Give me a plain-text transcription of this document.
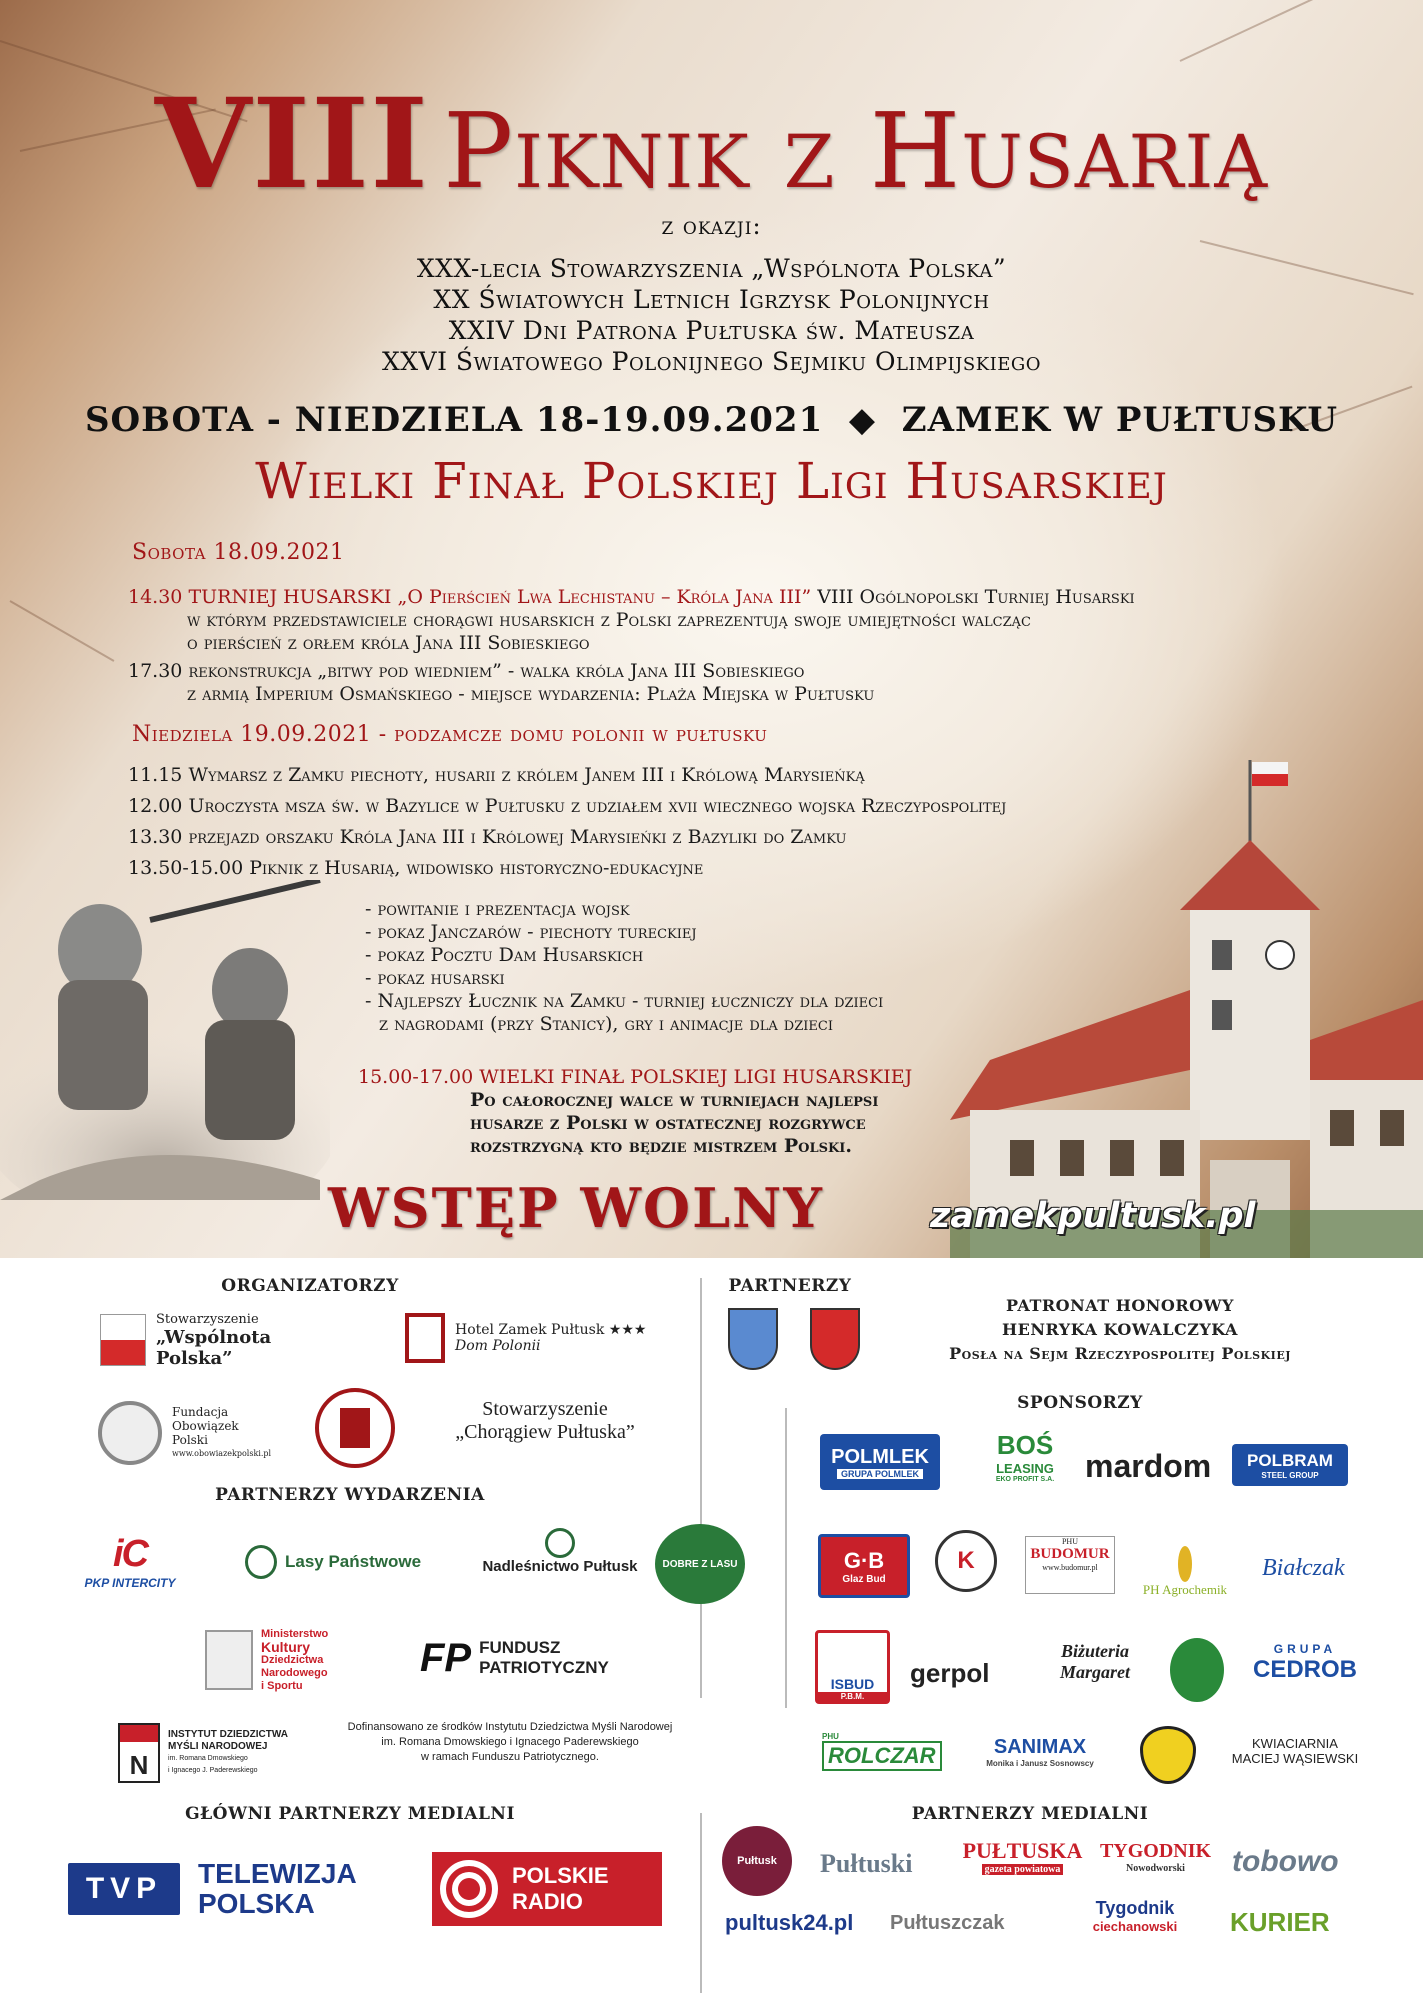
VIII Piknik z Husarią
z okazji:
XXX-lecia Stowarzyszenia „Wspólnota Polska”
XX Światowych Letnich Igrzysk Polonijnych
XXIV Dni Patrona Pułtuska św. Mateusza
XXVI Światowego Polonijnego Sejmiku Olimpijskiego
SOBOTA - NIEDZIELA 18-19.09.2021 ◆ ZAMEK W PUŁTUSKU
Wielki Finał Polskiej Ligi Husarskiej
Sobota 18.09.2021
14.30 TURNIEJ HUSARSKI „O Pierścień Lwa Lechistanu – Króla Jana III” VIII Ogólnopolski Turniej Husarski
w którym przedstawiciele chorągwi husarskich z Polski zaprezentują swoje umiejętności walcząc
o pierścień z orłem króla Jana III Sobieskiego
17.30 rekonstrukcja „bitwy pod wiedniem” - walka króla Jana III Sobieskiego
z armią Imperium Osmańskiego - miejsce wydarzenia: Plaża Miejska w Pułtusku
Niedziela 19.09.2021 - podzamcze domu polonii w pułtusku
11.15 Wymarsz z Zamku piechoty, husarii z królem Janem III i Królową Marysieńką
12.00 Uroczysta msza św. w Bazylice w Pułtusku z udziałem xvii wiecznego wojska Rzeczypospolitej
13.30 przejazd orszaku Króla Jana III i Królowej Marysieńki z Bazyliki do Zamku
13.50-15.00 Piknik z Husarią, widowisko historyczno-edukacyjne
- powitanie i prezentacja wojsk
- pokaz Janczarów - piechoty tureckiej
- pokaz Pocztu Dam Husarskich
- pokaz husarski
- Najlepszy Łucznik na Zamku - turniej łuczniczy dla dzieci
z nagrodami (przy Stanicy), gry i animacje dla dzieci
15.00-17.00 WIELKI FINAŁ POLSKIEJ LIGI HUSARSKIEJ
Po całorocznej walce w turniejach najlepsi
husarze z Polski w ostatecznej rozgrywce
rozstrzygną kto będzie mistrzem Polski.
WSTĘP WOLNY	zamekpultusk.pl
ORGANIZATORZY
Stowarzyszenie
„Wspólnota Polska”
Hotel Zamek Pułtusk ★★★
Dom Polonii
Fundacja
Obowiązek
Polski
www.obowiazekpolski.pl
Stowarzyszenie
„Chorągiew Pułtuska”
PARTNERZY
PATRONAT HONOROWY
HENRYKA KOWALCZYKA
Posła na Sejm Rzeczypospolitej Polskiej
SPONSORZY
POLMLEK
GRUPA POLMLEK
BOŚ
LEASING
EKO PROFIT S.A. mardom POLBRAM
STEEL GROUP
G·B
Glaz Bud
K
PHU
BUDOMUR
www.budomur.pl
PH Agrochemik
Białczak
ISBUD
P.B.M.
gerpol
Biżuteria
Margaret
GRUPA
CEDROB
PHU
ROLCZAR	SANIMAX
Monika i Janusz Sosnowscy
KWIACIARNIA
MACIEJ WĄSIEWSKI
PARTNERZY WYDARZENIA
iC
PKP INTERCITY
Lasy Państwowe	Nadleśnictwo Pułtusk	DOBRE Z LASU
Ministerstwo
Kultury
Dziedzictwa
Narodowego
i Sportu
FP FUNDUSZ
PATRIOTYCZNY
N
INSTYTUT DZIEDZICTWA
MYŚLI NARODOWEJ
im. Romana Dmowskiego
i Ignacego J. Paderewskiego
Dofinansowano ze środków Instytutu Dziedzictwa Myśli Narodowej
im. Romana Dmowskiego i Ignacego Paderewskiego
w ramach Funduszu Patriotycznego.
GŁÓWNI PARTNERZY MEDIALNI
TVP	TELEWIZJA
POLSKA
POLSKIE
RADIO
PARTNERZY MEDIALNI
Pułtusk	Pułtuski	PUŁTUSKA
gazeta powiatowa
TYGODNIK
Nowodworski tobowo
pultusk24.pl	Pułtuszczak
Tygodnik
ciechanowski KURIER
